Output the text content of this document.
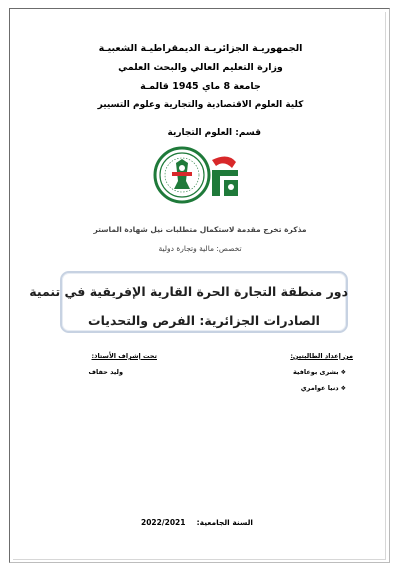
الجمهوريـة الجزائريـة الديمقراطيـة الشعبيـة
وزارة التعليم العالي والبحث العلمي
جامعة 8 ماي 1945 قالمـة
كلية العلوم الاقتصادية والتجارية وعلوم التسيير
قسم: العلوم التجارية
مذكرة تخرج مقدمة لاستكمال متطلبات نيل شهادة الماستر
تخصص: مالية وتجارة دولية
دور منطقة التجارة الحرة القارية الإفريقية في تنمية
الصادرات الجزائرية: الفرص والتحديات
من إعداد الطالبتين:
❖بشرى بوعافية
❖دنيا عوامري
تحت إشراف الأستاذ:
وليد حفاف
السنة الجامعية:
2022/2021
